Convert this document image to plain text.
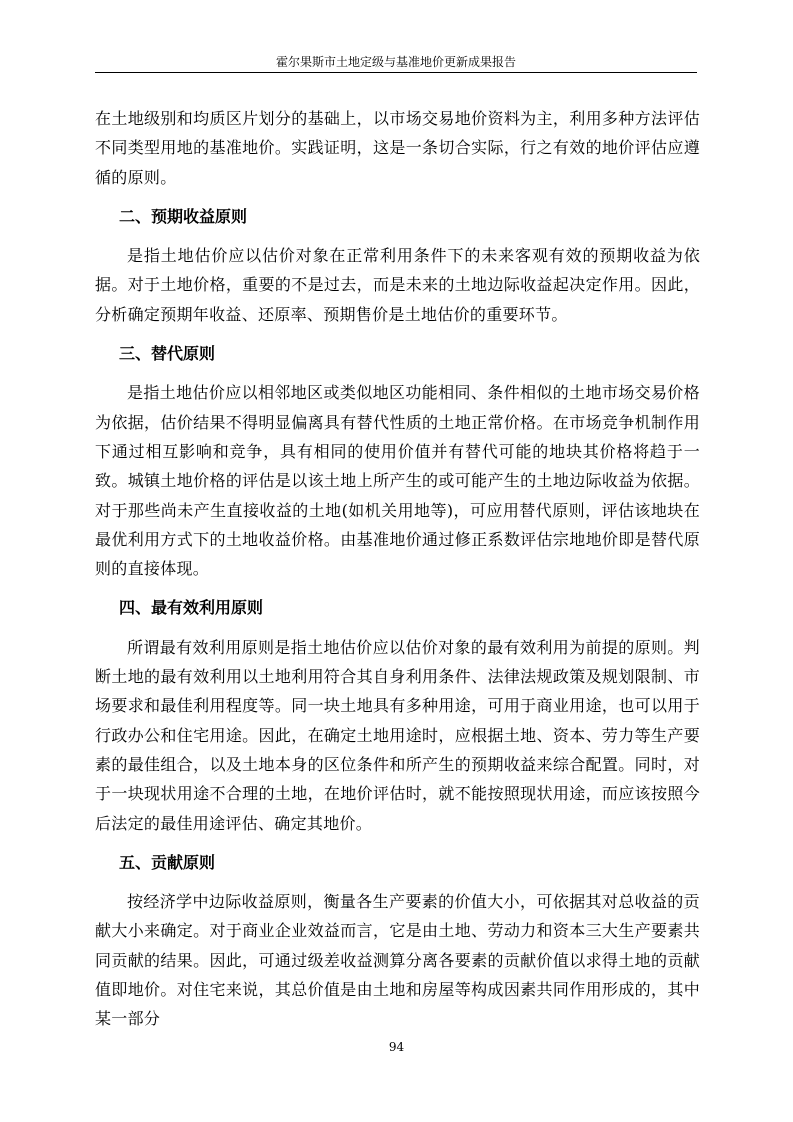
霍尔果斯市土地定级与基准地价更新成果报告

在土地级别和均质区片划分的基础上，以市场交易地价资料为主，利用多种方法评估不同类型用地的基准地价。实践证明，这是一条切合实际，行之有效的地价评估应遵循的原则。

二、预期收益原则

是指土地估价应以估价对象在正常利用条件下的未来客观有效的预期收益为依据。对于土地价格，重要的不是过去，而是未来的土地边际收益起决定作用。因此，分析确定预期年收益、还原率、预期售价是土地估价的重要环节。

三、替代原则

是指土地估价应以相邻地区或类似地区功能相同、条件相似的土地市场交易价格为依据，估价结果不得明显偏离具有替代性质的土地正常价格。在市场竞争机制作用下通过相互影响和竞争，具有相同的使用价值并有替代可能的地块其价格将趋于一致。城镇土地价格的评估是以该土地上所产生的或可能产生的土地边际收益为依据。对于那些尚未产生直接收益的土地(如机关用地等)，可应用替代原则，评估该地块在最优利用方式下的土地收益价格。由基准地价通过修正系数评估宗地地价即是替代原则的直接体现。

四、最有效利用原则

所谓最有效利用原则是指土地估价应以估价对象的最有效利用为前提的原则。判断土地的最有效利用以土地利用符合其自身利用条件、法律法规政策及规划限制、市场要求和最佳利用程度等。同一块土地具有多种用途，可用于商业用途，也可以用于行政办公和住宅用途。因此，在确定土地用途时，应根据土地、资本、劳力等生产要素的最佳组合，以及土地本身的区位条件和所产生的预期收益来综合配置。同时，对于一块现状用途不合理的土地，在地价评估时，就不能按照现状用途，而应该按照今后法定的最佳用途评估、确定其地价。

五、贡献原则

按经济学中边际收益原则，衡量各生产要素的价值大小，可依据其对总收益的贡献大小来确定。对于商业企业效益而言，它是由土地、劳动力和资本三大生产要素共同贡献的结果。因此，可通过级差收益测算分离各要素的贡献价值以求得土地的贡献值即地价。对住宅来说，其总价值是由土地和房屋等构成因素共同作用形成的，其中某一部分

94
